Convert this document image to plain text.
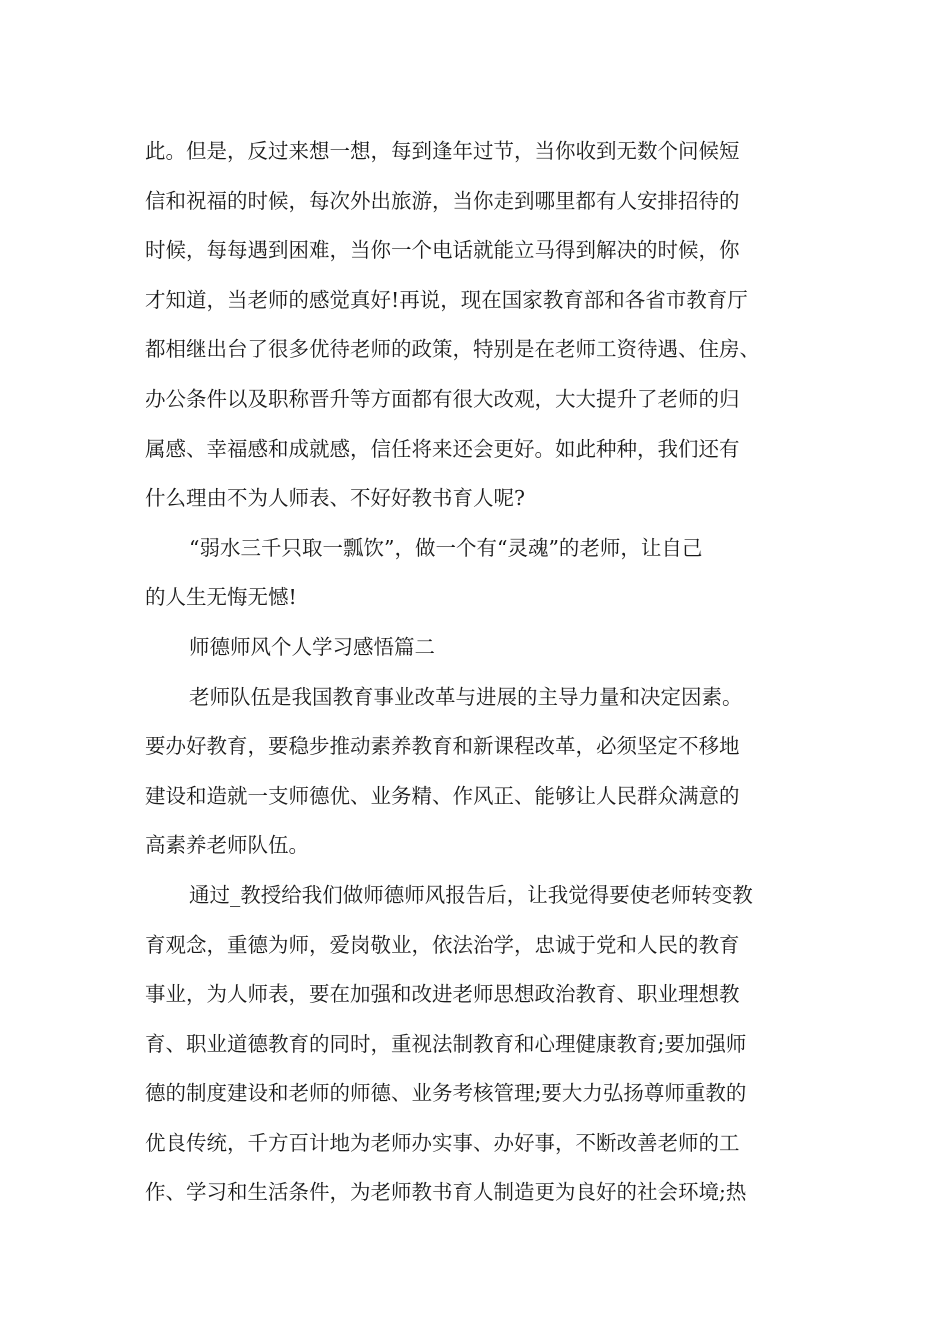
此。但是，反过来想一想，每到逢年过节，当你收到无数个问候短
信和祝福的时候，每次外出旅游，当你走到哪里都有人安排招待的
时候，每每遇到困难，当你一个电话就能立马得到解决的时候，你
才知道，当老师的感觉真好!再说，现在国家教育部和各省市教育厅
都相继出台了很多优待老师的政策，特别是在老师工资待遇、住房、
办公条件以及职称晋升等方面都有很大改观，大大提升了老师的归
属感、幸福感和成就感，信任将来还会更好。如此种种，我们还有
什么理由不为人师表、不好好教书育人呢?
“弱水三千只取一瓢饮”，做一个有“灵魂”的老师，让自己
的人生无悔无憾!
师德师风个人学习感悟篇二
老师队伍是我国教育事业改革与进展的主导力量和决定因素。
要办好教育，要稳步推动素养教育和新课程改革，必须坚定不移地
建设和造就一支师德优、业务精、作风正、能够让人民群众满意的
高素养老师队伍。
通过_教授给我们做师德师风报告后，让我觉得要使老师转变教
育观念，重德为师，爱岗敬业，依法治学，忠诚于党和人民的教育
事业，为人师表，要在加强和改进老师思想政治教育、职业理想教
育、职业道德教育的同时，重视法制教育和心理健康教育;要加强师
德的制度建设和老师的师德、业务考核管理;要大力弘扬尊师重教的
优良传统，千方百计地为老师办实事、办好事，不断改善老师的工
作、学习和生活条件，为老师教书育人制造更为良好的社会环境;热
